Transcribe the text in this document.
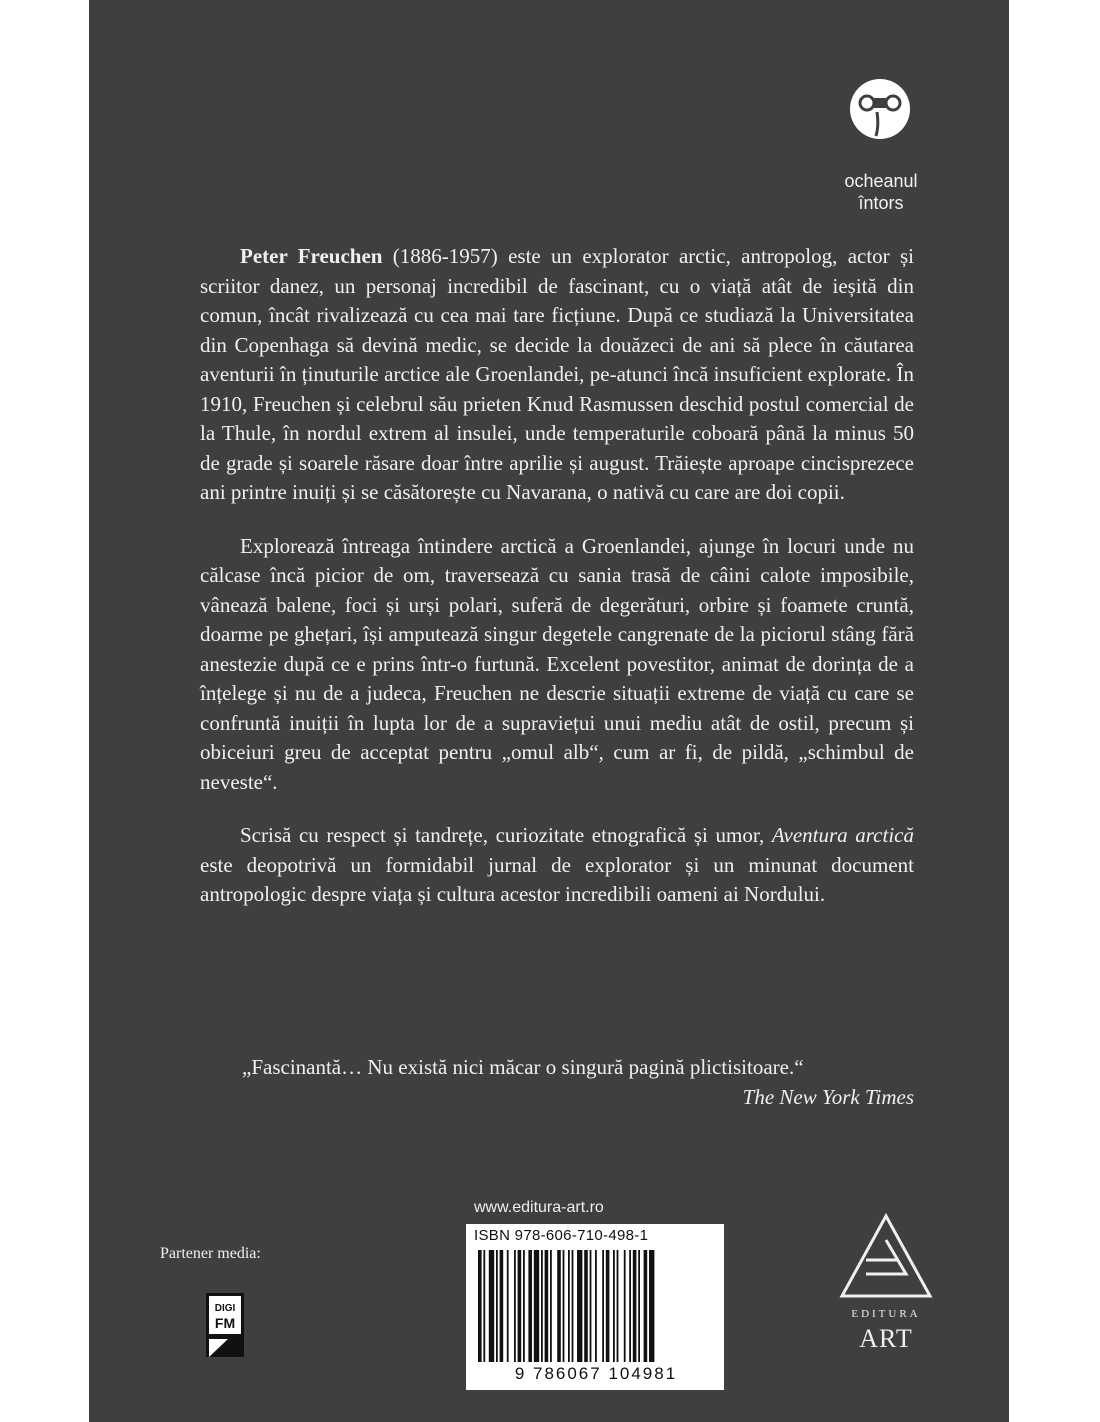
ocheanul
întors

Peter Freuchen (1886-1957) este un explorator arctic, antropolog, actor și scriitor danez, un personaj incredibil de fascinant, cu o viață atât de ieșită din comun, încât rivalizează cu cea mai tare ficțiune. După ce studiază la Universitatea din Copenhaga să devină medic, se decide la douăzeci de ani să plece în căutarea aventurii în ținuturile arctice ale Groenlandei, pe-atunci încă insuficient explorate. În 1910, Freuchen și celebrul său prieten Knud Rasmussen deschid postul comercial de la Thule, în nordul extrem al insulei, unde temperaturile coboară până la minus 50 de grade și soarele răsare doar între aprilie și august. Trăiește aproape cincisprezece ani printre inuiți și se căsătorește cu Navarana, o nativă cu care are doi copii.

Explorează întreaga întindere arctică a Groenlandei, ajunge în locuri unde nu călcase încă picior de om, traversează cu sania trasă de câini calote imposibile, vânează balene, foci și urși polari, suferă de degerături, orbire și foamete cruntă, doarme pe ghețari, își amputează singur degetele cangrenate de la piciorul stâng fără anestezie după ce e prins într-o furtună. Excelent povestitor, animat de dorința de a înțelege și nu de a judeca, Freuchen ne descrie situații extreme de viață cu care se confruntă inuiții în lupta lor de a supraviețui unui mediu atât de ostil, precum și obiceiuri greu de acceptat pentru „omul alb“, cum ar fi, de pildă, „schimbul de neveste“.

Scrisă cu respect și tandrețe, curiozitate etnografică și umor, Aventura arctică este deopotrivă un formidabil jurnal de explorator și un minunat document antropologic despre viața și cultura acestor incredibili oameni ai Nordului.

„Fascinantă… Nu există nici măcar o singură pagină plictisitoare.“
The New York Times
www.editura-art.ro
ISBN 978-606-710-498-1
9 786067 104981
Partener media:
DIGI
FM
EDITURA
ART
